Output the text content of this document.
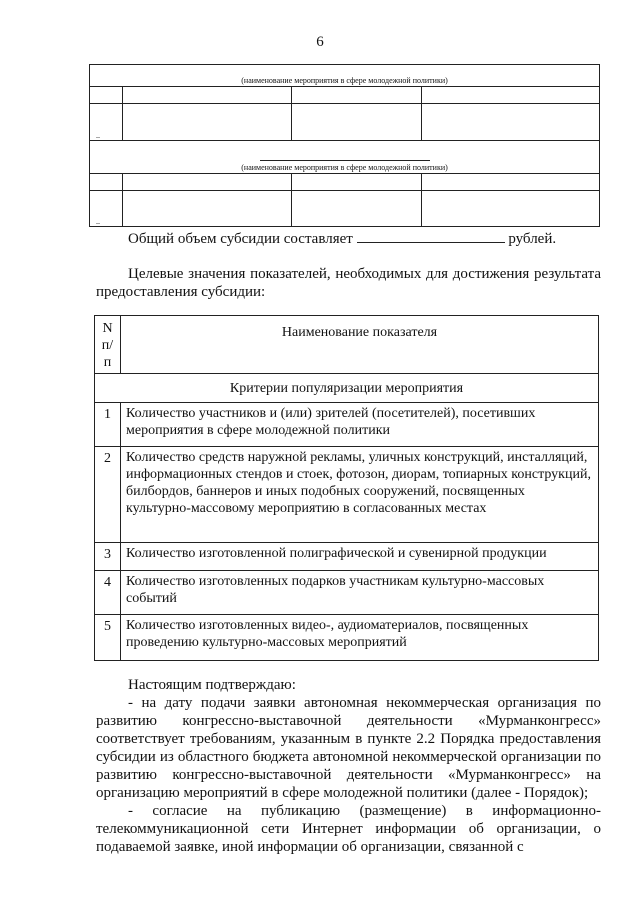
6
(наименование мероприятия в сфере молодежной политики)			

..			

(наименование мероприятия в сфере молодежной политики)			

..			
Общий объем субсидии составляет	рублей.
Целевые значения показателей, необходимых для достижения результата предоставления субсидии:
N п/п	Наименование показателя
Критерии популяризации мероприятия	
1	Количество участников и (или) зрителей (посетителей), посетивших мероприятия в сфере молодежной политики
2	Количество средств наружной рекламы, уличных конструкций, инсталляций, информационных стендов и стоек, фотозон, диорам, топиарных конструкций, билбордов, баннеров и иных подобных сооружений, посвященных культурно-массовому мероприятию в согласованных местах
3	Количество изготовленной полиграфической и сувенирной продукции
4	Количество изготовленных подарков участникам культурно-массовых событий
5	Количество изготовленных видео-, аудиоматериалов, посвященных проведению культурно-массовых мероприятий

Настоящим подтверждаю:

- на дату подачи заявки автономная некоммерческая организация по развитию конгрессно-выставочной деятельности «Мурманконгресс» соответствует требованиям, указанным в пункте 2.2 Порядка предоставления субсидии из областного бюджета автономной некоммерческой организации по развитию конгрессно-выставочной деятельности «Мурманконгресс» на организацию мероприятий в сфере молодежной политики (далее - Порядок);

- согласие на публикацию (размещение) в информационно-телекоммуникационной сети Интернет информации об организации, о подаваемой заявке, иной информации об организации, связанной с
